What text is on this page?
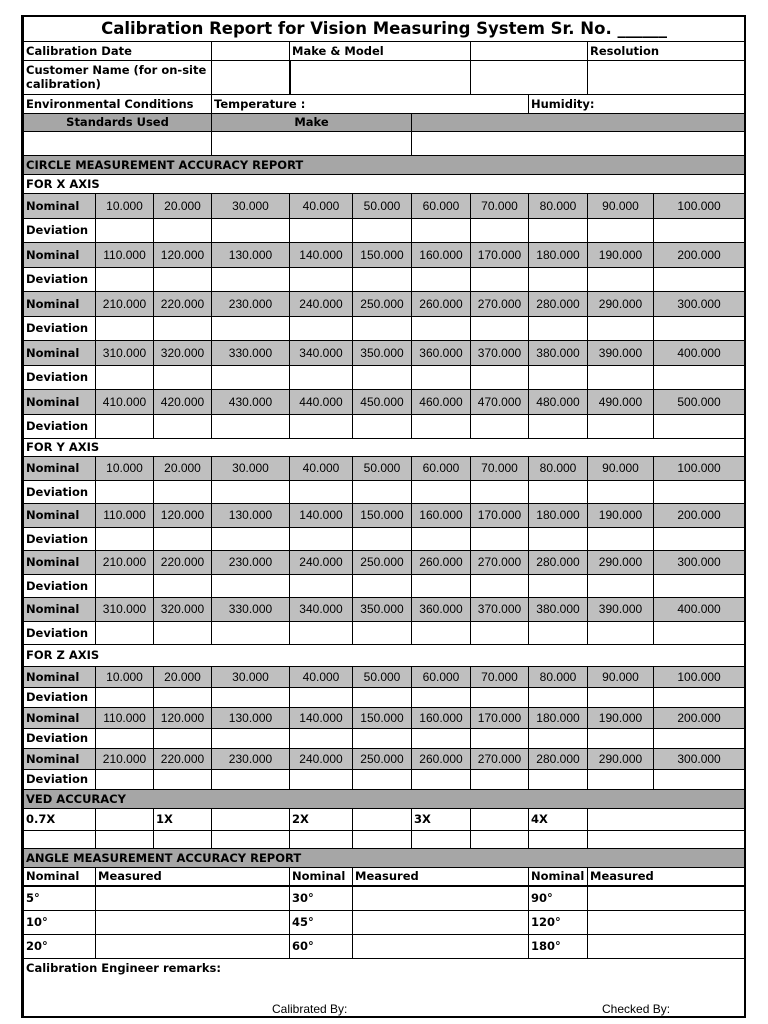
Calibration Report for Vision Measuring System Sr. No. ______										
Calibration Date				Make & Model					Resolution	
Customer Name (for on-site calibration)										
Environmental Conditions			Temperature :					Humidity:		
Standards Used			Make							

CIRCLE MEASUREMENT ACCURACY REPORT										
FOR X AXIS										
Nominal	10.000	20.000	30.000	40.000	50.000	60.000	70.000	80.000	90.000	100.000
Deviation										
Nominal	110.000	120.000	130.000	140.000	150.000	160.000	170.000	180.000	190.000	200.000
Deviation										
Nominal	210.000	220.000	230.000	240.000	250.000	260.000	270.000	280.000	290.000	300.000
Deviation										
Nominal	310.000	320.000	330.000	340.000	350.000	360.000	370.000	380.000	390.000	400.000
Deviation										
Nominal	410.000	420.000	430.000	440.000	450.000	460.000	470.000	480.000	490.000	500.000
Deviation										
FOR Y AXIS										
Nominal	10.000	20.000	30.000	40.000	50.000	60.000	70.000	80.000	90.000	100.000
Deviation										
Nominal	110.000	120.000	130.000	140.000	150.000	160.000	170.000	180.000	190.000	200.000
Deviation										
Nominal	210.000	220.000	230.000	240.000	250.000	260.000	270.000	280.000	290.000	300.000
Deviation										
Nominal	310.000	320.000	330.000	340.000	350.000	360.000	370.000	380.000	390.000	400.000
Deviation										
FOR Z AXIS										
Nominal	10.000	20.000	30.000	40.000	50.000	60.000	70.000	80.000	90.000	100.000
Deviation										
Nominal	110.000	120.000	130.000	140.000	150.000	160.000	170.000	180.000	190.000	200.000
Deviation										
Nominal	210.000	220.000	230.000	240.000	250.000	260.000	270.000	280.000	290.000	300.000
Deviation										
VED ACCURACY										
0.7X		1X		2X		3X		4X		

ANGLE MEASUREMENT ACCURACY REPORT										
Nominal	Measured			Nominal	Measured			Nominal	Measured	
5°				30°				90°		
10°				45°				120°		
20°				60°				180°		

Calibration Engineer remarks:
Calibrated By: Checked By:										
